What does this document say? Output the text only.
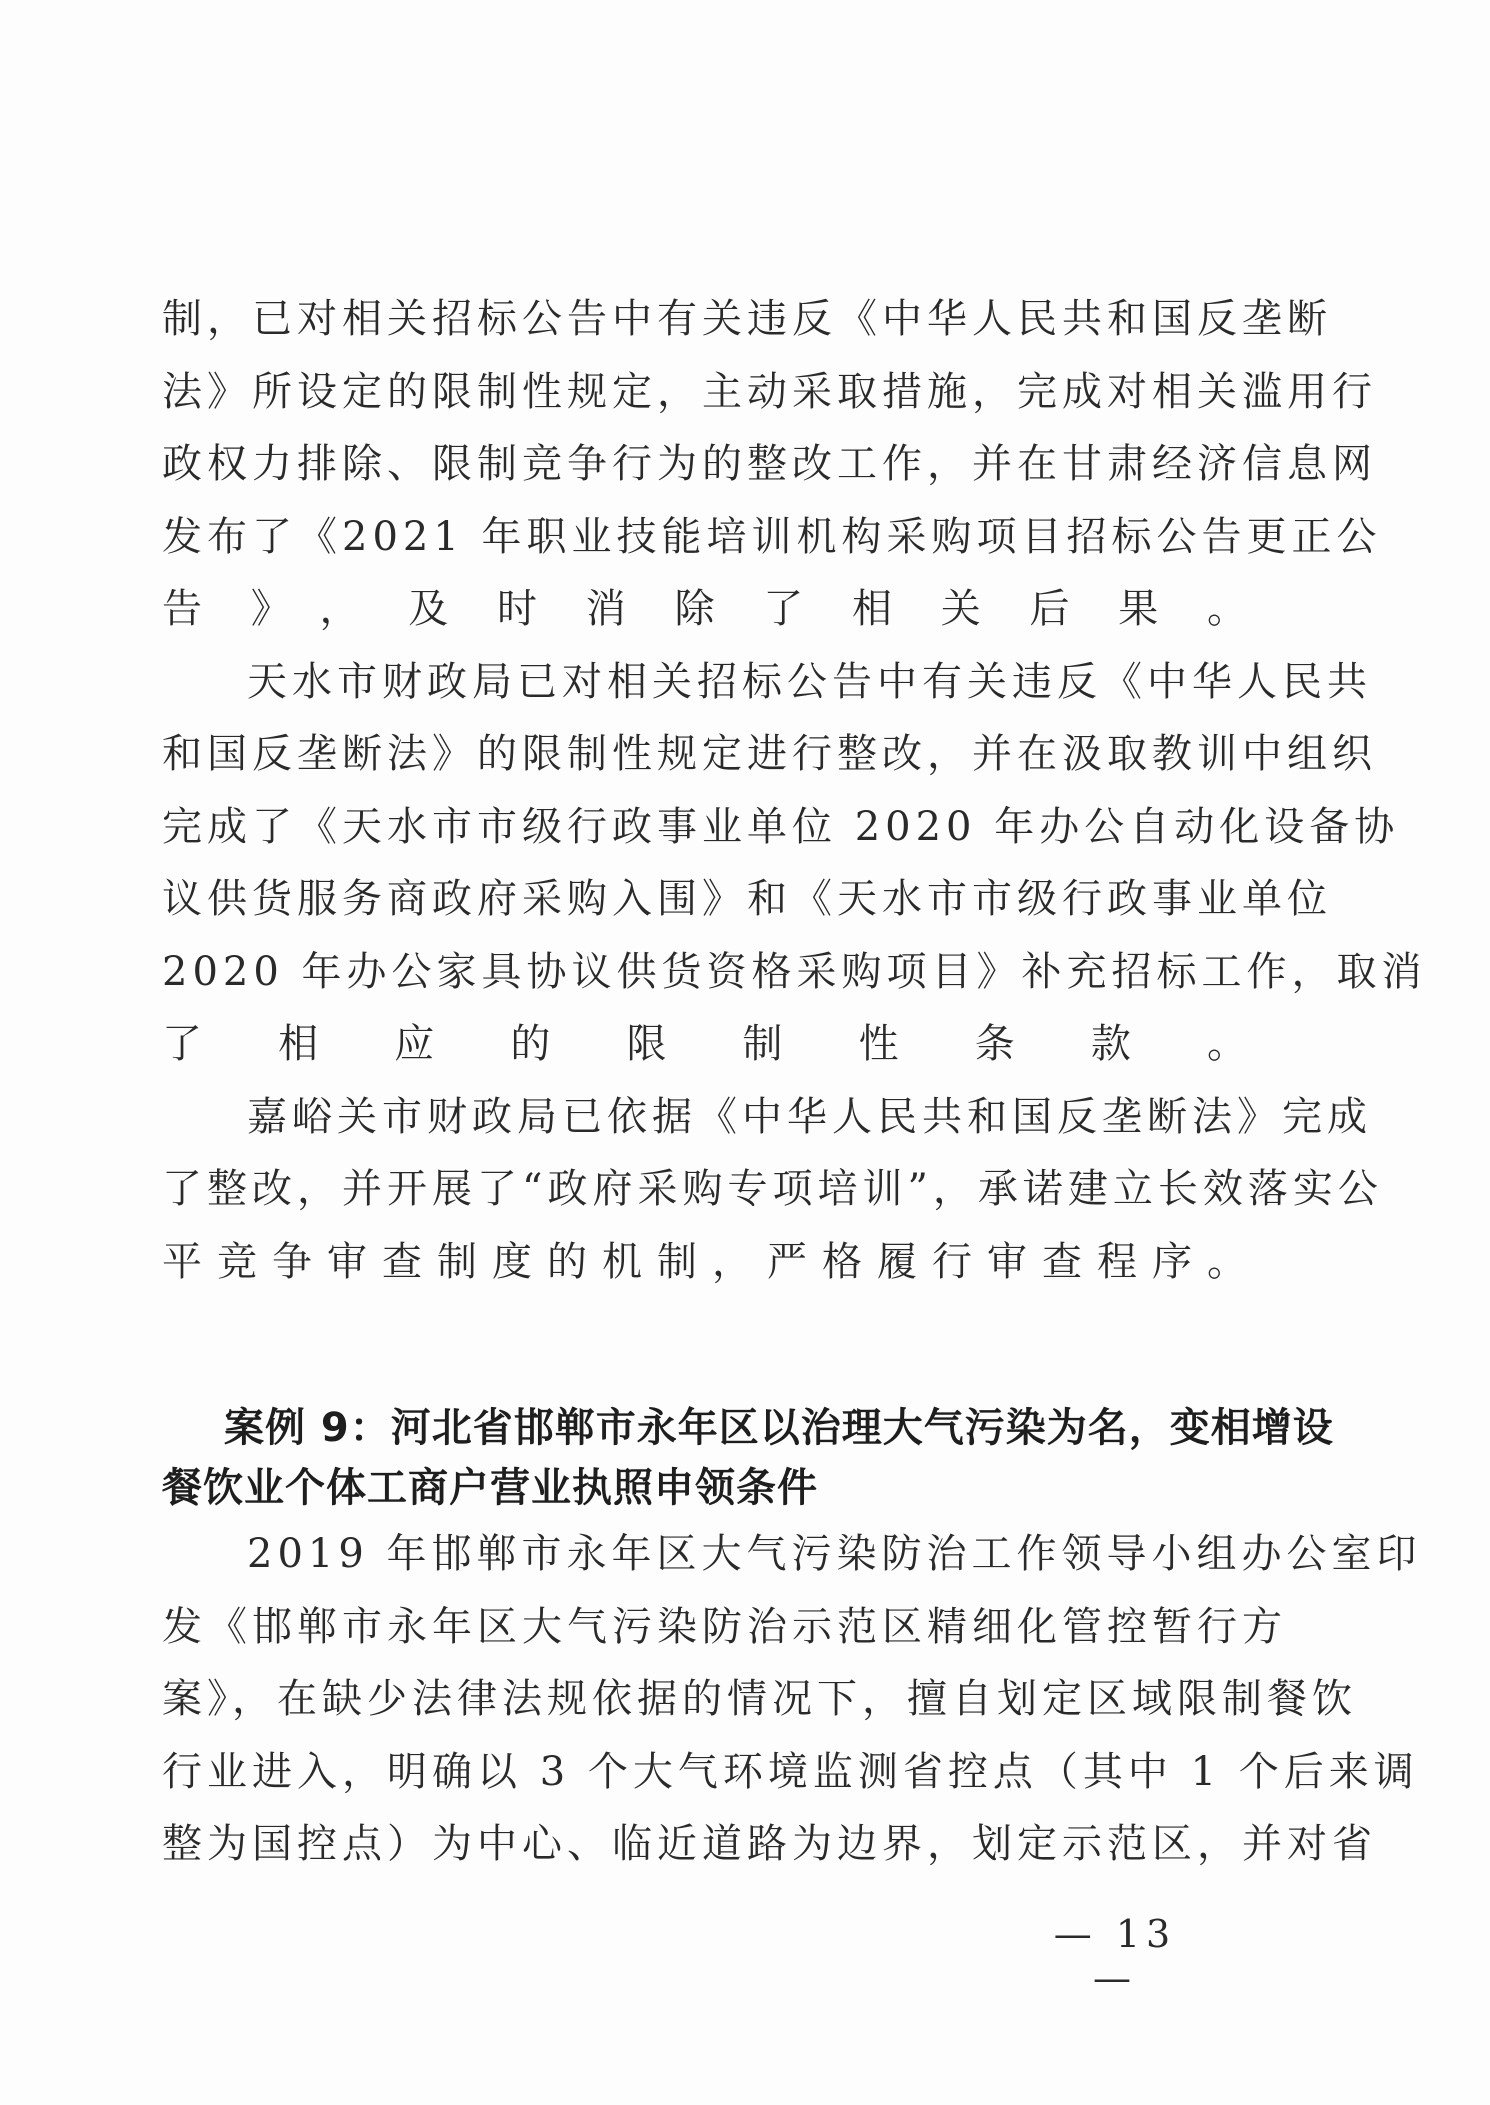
制，已对相关招标公告中有关违反《中华人民共和国反垄断
法》所设定的限制性规定，主动采取措施，完成对相关滥用行
政权力排除、限制竞争行为的整改工作，并在甘肃经济信息网
发布了《2021 年职业技能培训机构采购项目招标公告更正公
告》，及时消除了相关后果。

天水市财政局已对相关招标公告中有关违反《中华人民共
和国反垄断法》的限制性规定进行整改，并在汲取教训中组织
完成了《天水市市级行政事业单位 2020 年办公自动化设备协
议供货服务商政府采购入围》和《天水市市级行政事业单位
2020 年办公家具协议供货资格采购项目》补充招标工作，取消
了相应的限制性条款。

嘉峪关市财政局已依据《中华人民共和国反垄断法》完成
了整改，并开展了“政府采购专项培训”，承诺建立长效落实公
平竞争审查制度的机制，严格履行审查程序。

案例 9：河北省邯郸市永年区以治理大气污染为名，变相增设
餐饮业个体工商户营业执照申领条件

2019 年邯郸市永年区大气污染防治工作领导小组办公室印
发《邯郸市永年区大气污染防治示范区精细化管控暂行方
案》，在缺少法律法规依据的情况下，擅自划定区域限制餐饮
行业进入，明确以 3 个大气环境监测省控点（其中 1 个后来调
整为国控点）为中心、临近道路为边界，划定示范区，并对省

— 13 —
